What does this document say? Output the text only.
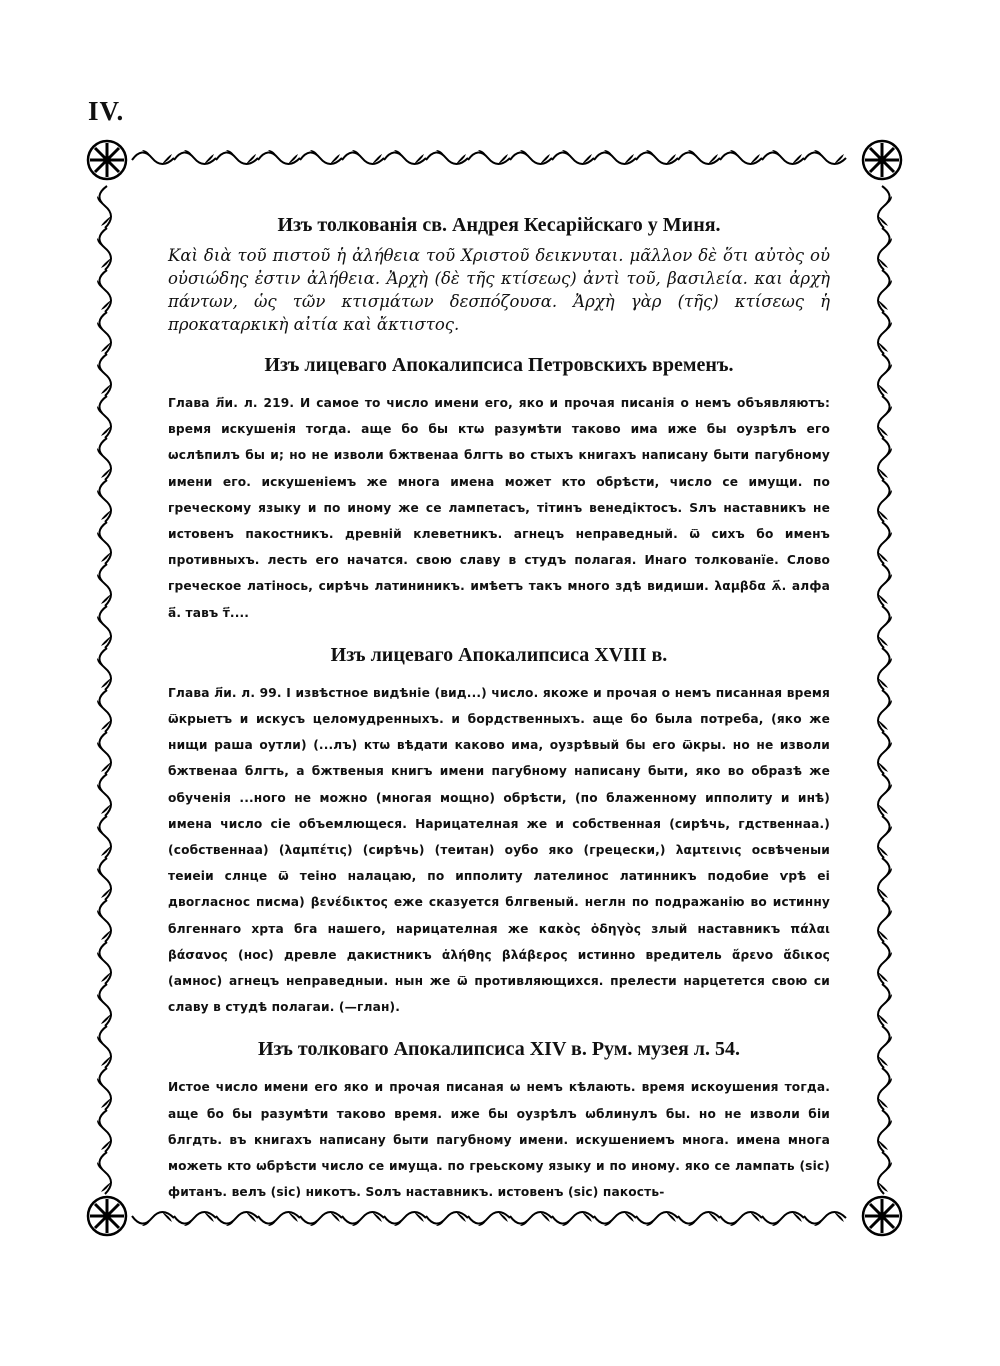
IV.
Изъ толкованія св. Андрея Кесарійскаго у Миня.

Καὶ διὰ τοῦ πιστοῦ ἡ ἀλήθεια τοῦ Χριστοῦ δεικνυται. μᾶλλον δὲ ὅτι αὐτὸς οὐ οὐσιώδης ἐστιν ἀλήθεια. Ἀρχὴ (δὲ τῆς κτίσεως) ἀντὶ τοῦ, βασιλεία. και ἀρχὴ πάντων, ὡς τῶν κτισμάτων δεσπόζουσα. Ἀρχὴ γὰρ (τῆς) κτίσεως ἡ προκαταρκικὴ αἰτία καὶ ἄκτιστος.

Изъ лицеваго Апокалипсиса Петровскихъ временъ.

Глава л҃и. л. 219. И самое то число имени его, яко и прочая писанія о немъ объявляютъ: время искушенія тогда. аще бо бы ктѡ разумѣти таково има иже бы оузрѣлъ его ѡслѣпилъ бы и; но не изволи бжтвенаа блгть во стыхъ книгахъ написану быти пагубному имени его. искушеніемъ же многа имена может кто обрѣсти, число се имущи. по греческому языку и по иному же се лампетасъ, тітинъ венедіктосъ. Sлъ наставникъ не истовенъ пакостникъ. древній клеветникъ. агнецъ неправедный. ѿ сихъ бо именъ противныхъ. лесть его начатся. свою славу в студъ полагая. Инаго толкованїе. Слово греческое латінось, сирѣчь латининикъ. имѣетъ такъ много здѣ видиши. λαμβδα ѧ҃. алфа а҃. тавъ т҃....

Изъ лицеваго Апокалипсиса XVIII в.

Глава л҃и. л. 99. І извѣстное видѣніе (вид...) число. якоже и прочая о немъ писанная время ѿкрыетъ и искусъ целомудренныхъ. и бордственныхъ. аще бо была потреба, (яко же нищи раша оутли) (...лъ) ктѡ вѣдати каково има, оузрѣвый бы его ѿкры. но не изволи бжтвенаа блгть, а бжтвеныя книгъ имени пагубному написану быти, яко во образѣ же обученія ...ного не можно (многая мощно) обрѣсти, (по блаженному ипполиту и инѣ) имена число сіе объемлющеся. Нарицателная же и собственная (сирѣчь, гдственнаа.) (собственнаа) (λαμπέτις) (сирѣчь) (теитан) оубо яко (грецески,) λαμτεινις освѣченыи теиеіи слнце ѿ теіно налацаю, по ипполиту лателинос латинникъ подобие ѵрѣ еі двогласнос писма) βενέδικτος еже сказуется блгвеный. неглн по подражанію во истинну блгеннаго хрта бга нашего, нарицателная же κακὸς ὁδηγὸς злый наставникъ πάλαι βάσανος (нос) древле дакистникъ ἀλήθης βλάβερος истинно вредитель ἄρενο ἄδικος (амнос) агнецъ неправедныи. нын же ѿ противляющихся. прелести нарцетется свою си славу в студѣ полагаи. (—глан).

Изъ толковаго Апокалипсиса XIV в. Рум. музея л. 54.

Истое число имени его яко и прочая писаная ѡ немъ кѣлають. время искоушения тогда. аще бо бы разумѣти таково время. иже бы оузрѣлъ ѡблинулъ бы. но не изволи біи блгдть. въ книгахъ написану быти пагубному имени. искушениемъ многа. имена многа можеть кто ѡбрѣсти число се имуща. по греьскому языку и по иному. яко се лампать (sic) фитанъ. велъ (sic) никотъ. Sолъ наставникъ. истовенъ (sic) пакость-
